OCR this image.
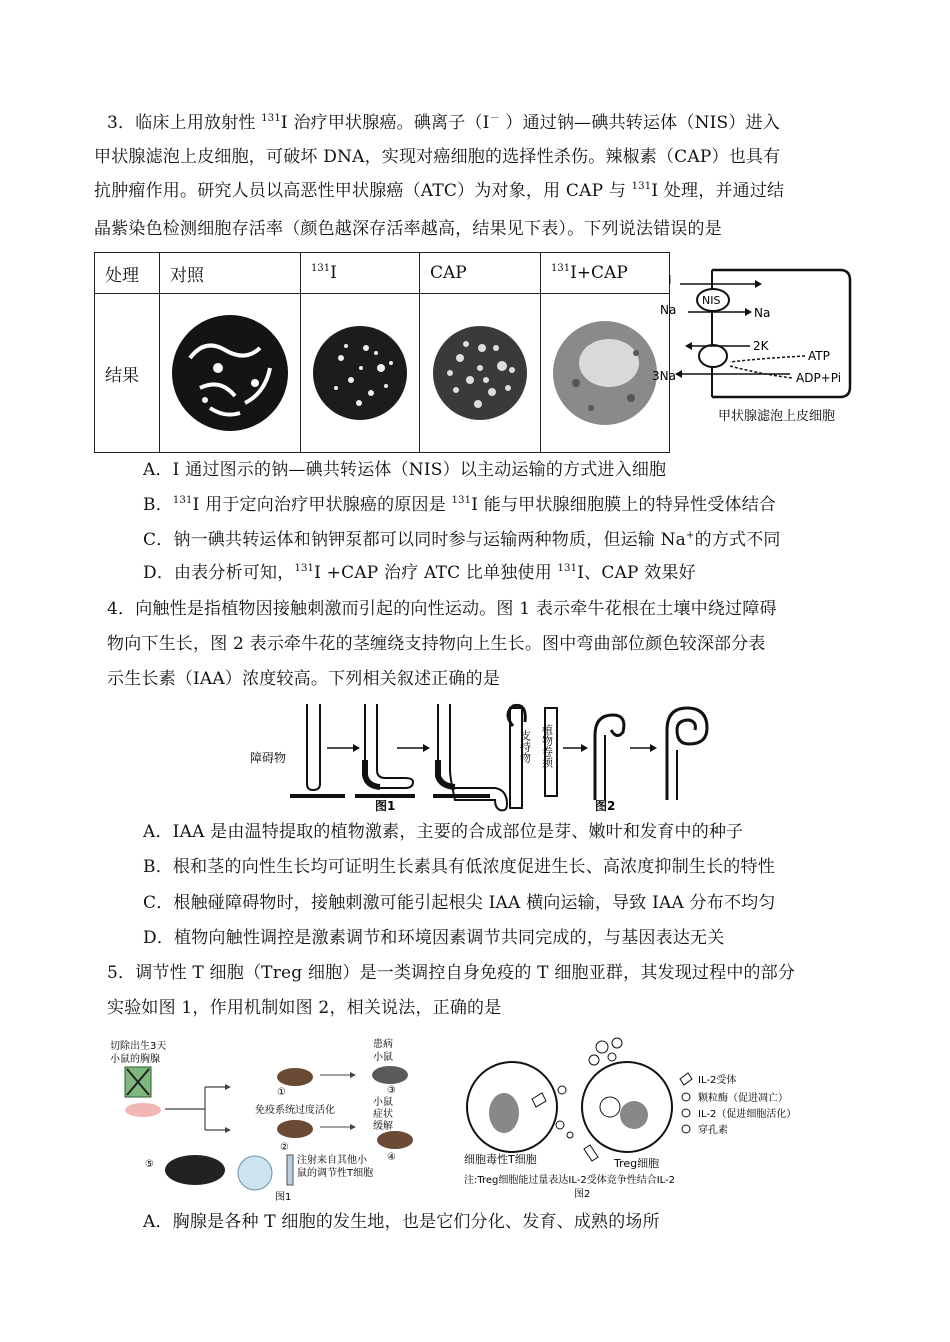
3．临床上用放射性 $^{131}$I 治疗甲状腺癌。碘离子（I－ ）通过钠—碘共转运体（NIS）进入
甲状腺滤泡上皮细胞，可破坏 DNA，实现对癌细胞的选择性杀伤。辣椒素（CAP）也具有
抗肿瘤作用。研究人员以高恶性甲状腺癌（ATC）为对象，用 CAP 与 $^{131}$I 处理，并通过结
晶紫染色检测细胞存活率（颜色越深存活率越高，结果见下表）。下列说法错误的是
处理	对照	$^{131}$I	CAP	$^{131}$I+CAP
结果	

NIS
I
Na	Na
2K
3Na
ATP
ADP+Pi
甲状腺滤泡上皮细胞
A．I 通过图示的钠—碘共转运体（NIS）以主动运输的方式进入细胞
B．$^{131}$I 用于定向治疗甲状腺癌的原因是 $^{131}$I 能与甲状腺细胞膜上的特异性受体结合
C．钠一碘共转运体和钠钾泵都可以同时参与运输两种物质，但运输 Na+的方式不同
D．由表分析可知，$^{131}$I +CAP 治疗 ATC 比单独使用 $^{131}$I、CAP 效果好
4．向触性是指植物因接触刺激而引起的向性运动。图 1 表示牵牛花根在土壤中绕过障碍
物向下生长，图 2 表示牵牛花的茎缠绕支持物向上生长。图中弯曲部位颜色较深部分表
示生长素（IAA）浓度较高。下列相关叙述正确的是
障碍物
图1
支持物 植物卷须
图2
A．IAA 是由温特提取的植物激素，主要的合成部位是芽、嫩叶和发育中的种子
B．根和茎的向性生长均可证明生长素具有低浓度促进生长、高浓度抑制生长的特性
C．根触碰障碍物时，接触刺激可能引起根尖 IAA 横向运输，导致 IAA 分布不均匀
D．植物向触性调控是激素调节和环境因素调节共同完成的，与基因表达无关
5．调节性 T 细胞（Treg 细胞）是一类调控自身免疫的 T 细胞亚群，其发现过程中的部分
实验如图 1，作用机制如图 2，相关说法，正确的是
切除出生3天
小鼠的胸腺
①
免疫系统过度活化
②
患病
小鼠
③
小鼠
症状
缓解
④
⑤	注射来自其他小
鼠的调节性T细胞
图1
IL-2受体
颗粒酶（促进凋亡）
IL-2（促进细胞活化）
穿孔素
细胞毒性T细胞	Treg细胞
注:Treg细胞能过量表达IL-2受体竞争性结合IL-2
图2
A．胸腺是各种 T 细胞的发生地，也是它们分化、发育、成熟的场所
